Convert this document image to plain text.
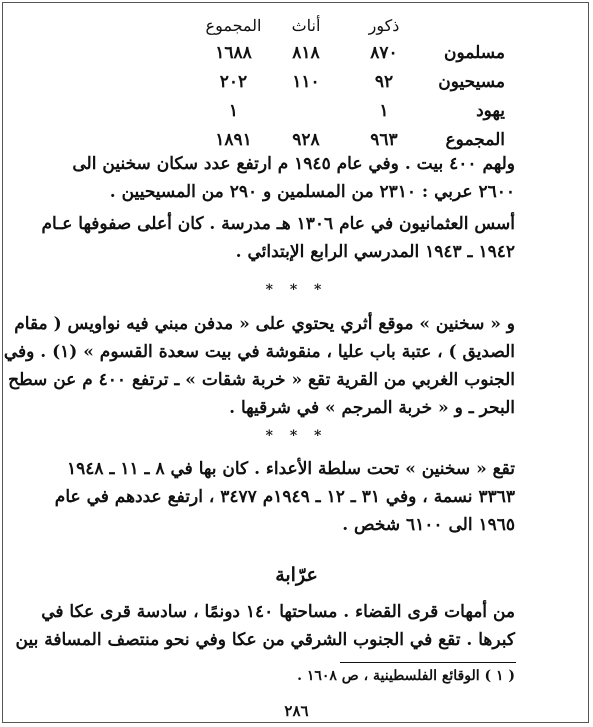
	ذكور	أناث	المجموع
مسلمون	٨٧٠	٨١٨	١٦٨٨
مسيحيون	٩٢	١١٠	٢٠٢
يهود	١		١
المجموع	٩٦٣	٩٢٨	١٨٩١
ولهم ٤٠٠ بيت . وفي عام ١٩٤٥ م ارتفع عدد سكان سخنين الى
٢٦٠٠ عربي : ٢٣١٠ من المسلمين و ٢٩٠ من المسيحيين .
أسس العثمانيون في عام ١٣٠٦ هـ مدرسة . كان أعلى صفوفها عـام
١٩٤٢ ـ ١٩٤٣ المدرسي الرابع الإبتدائي .
* * *
و « سخنين » موقع أثري يحتوي على « مدفن مبني فيه نواويس ( مقام
الصديق ) ، عتبة باب عليا ، منقوشة في بيت سعدة القسوم » (١) . وفي
الجنوب الغربي من القرية تقع « خربة شقات » ـ ترتفع ٤٠٠ م عن سطح
البحر ـ و « خربة المرجم » في شرقيها .
* * *
تقع « سخنين » تحت سلطة الأعداء . كان بها في ٨ ـ ١١ ـ ١٩٤٨
٣٣٦٣ نسمة ، وفي ٣١ ـ ١٢ ـ ١٩٤٩م ٣٤٧٧ ، ارتفع عددهم في عام
١٩٦٥ الى ٦١٠٠ شخص .
عرّابة
من أمهات قرى القضاء . مساحتها ١٤٠ دونمًا ، سادسة قرى عكا في
كبرها . تقع في الجنوب الشرقي من عكا وفي نحو منتصف المسافة بين
( ١ ) الوقائع الفلسطينية ، ص ١٦٠٨ .
٢٨٦
